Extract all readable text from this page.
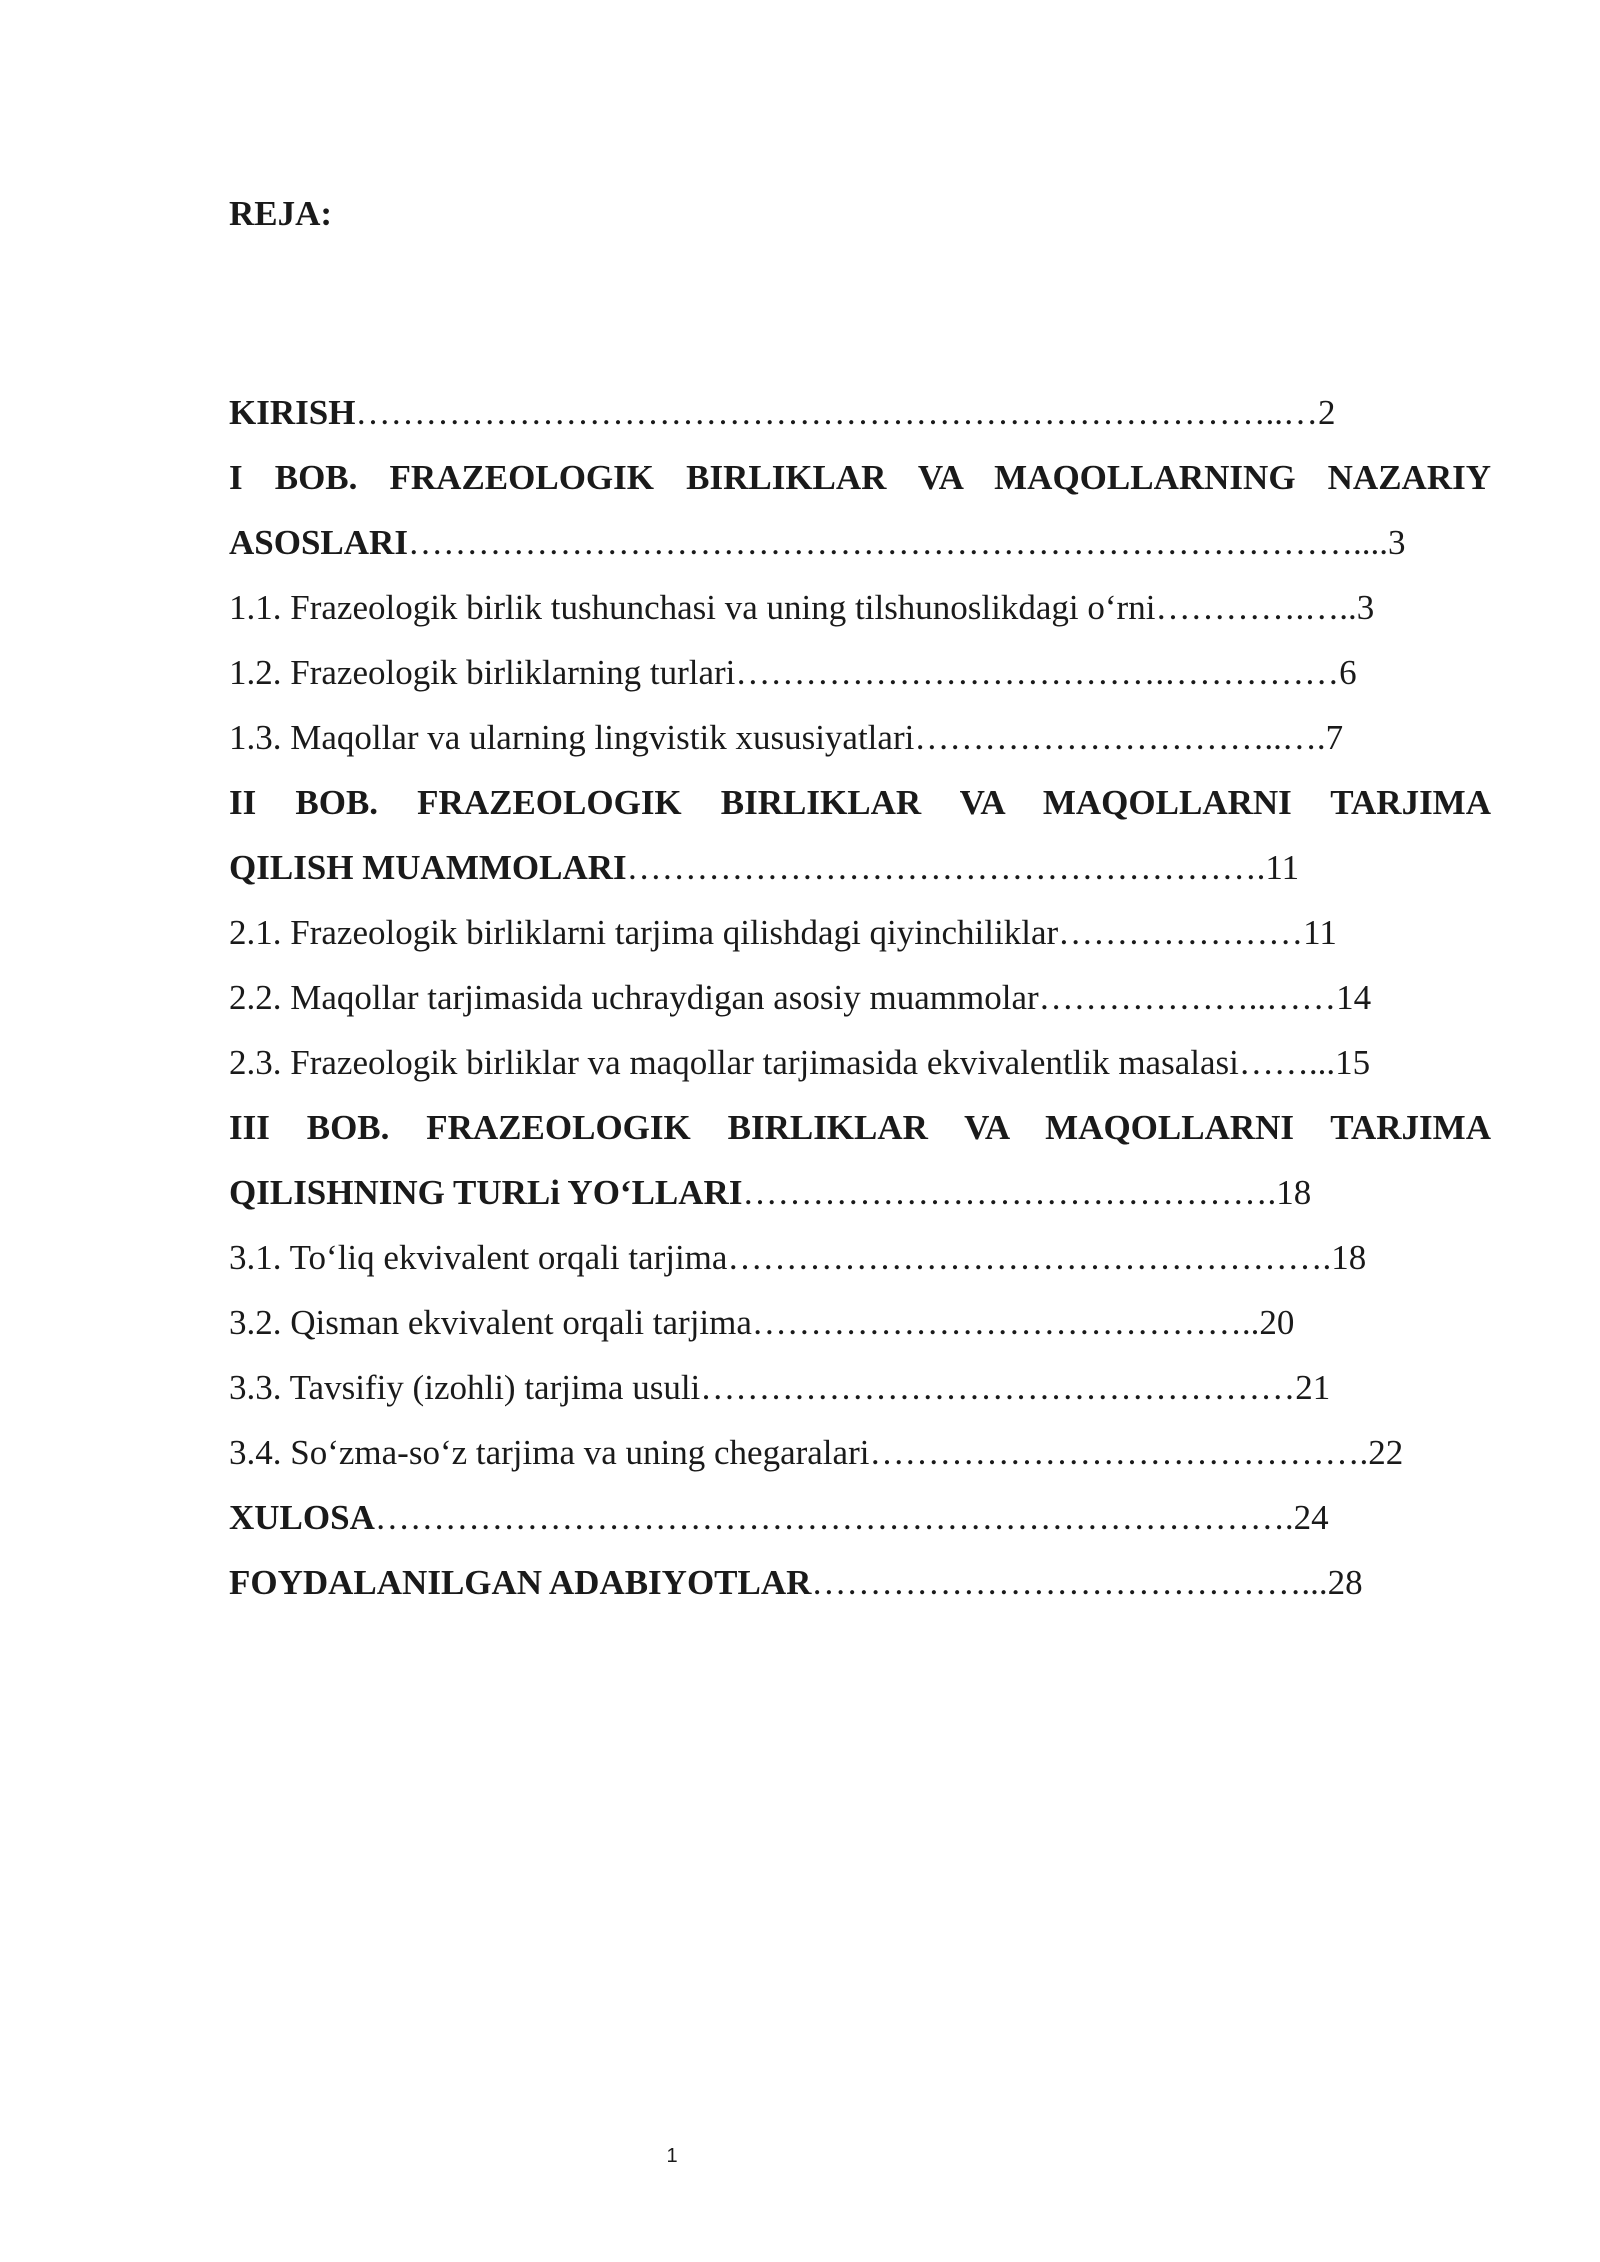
REJA:
KIRISH……………………………………………………………………..…2
I BOB. FRAZEOLOGIK BIRLIKLAR VA MAQOLLARNING NAZARIY
ASOSLARI………………………………………………………………………....3
1.1. Frazeologik birlik tushunchasi va uning tilshunoslikdagi o‘rni………….…..3
1.2. Frazeologik birliklarning turlari……………………………….……………6
1.3. Maqollar va ularning lingvistik xususiyatlari…………………………..….7
II BOB. FRAZEOLOGIK BIRLIKLAR VA MAQOLLARNI TARJIMA
QILISH MUAMMOLARI……………………………………………….11
2.1. Frazeologik birliklarni tarjima qilishdagi qiyinchiliklar…………………11
2.2. Maqollar tarjimasida uchraydigan asosiy muammolar………………..……14
2.3. Frazeologik birliklar va maqollar tarjimasida ekvivalentlik masalasi……...15
III BOB. FRAZEOLOGIK BIRLIKLAR VA MAQOLLARNI TARJIMA
QILISHNING TURLi YO‘LLARI……………………………………….18
3.1. To‘liq ekvivalent orqali tarjima…………………………………………….18
3.2. Qisman ekvivalent orqali tarjima……………………………………..20
3.3. Tavsifiy (izohli) tarjima usuli……………………………………………21
3.4. So‘zma-so‘z tarjima va uning chegaralari…………………………………….22
XULOSA…………………………………………………………………….24
FOYDALANILGAN ADABIYOTLAR……………………………………...28
1
